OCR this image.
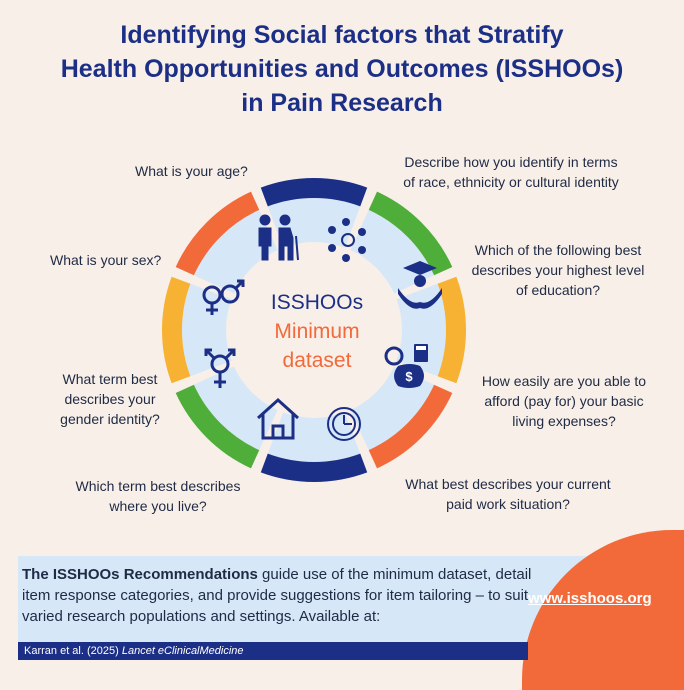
Identifying Social factors that Stratify
Health Opportunities and Outcomes (ISSHOOs)
in Pain Research
$
ISSHOOs
Minimum
dataset
What is your age?
Describe how you identify in terms
of race, ethnicity or cultural identity
Which of the following best
describes your highest level
of education?
How easily are you able to
afford (pay for) your basic
living expenses?
What best describes your current
paid work situation?
Which term best describes
where you live?
What term best
describes your
gender identity?
What is your sex?
The ISSHOOs Recommendations guide use of the minimum dataset, detail item response categories, and provide suggestions for item tailoring – to suit varied research populations and settings. Available at:
www.isshoos.org
Karran et al. (2025) Lancet eClinicalMedicine
